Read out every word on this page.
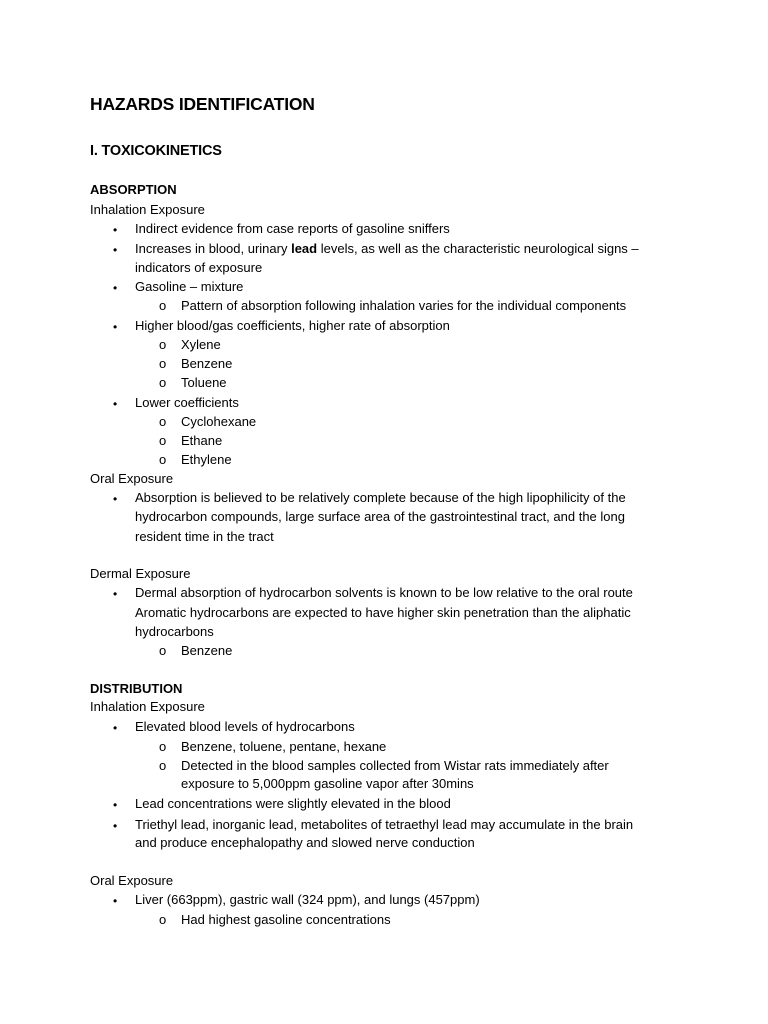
HAZARDS IDENTIFICATION
I. TOXICOKINETICS
ABSORPTION
Inhalation Exposure
• Indirect evidence from case reports of gasoline sniffers
• Increases in blood, urinary lead levels, as well as the characteristic neurological signs –
indicators of exposure
• Gasoline – mixture
o Pattern of absorption following inhalation varies for the individual components
• Higher blood/gas coefficients, higher rate of absorption
o Xylene
o Benzene
o Toluene
• Lower coefficients
o Cyclohexane
o Ethane
o Ethylene
Oral Exposure
• Absorption is believed to be relatively complete because of the high lipophilicity of the
hydrocarbon compounds, large surface area of the gastrointestinal tract, and the long
resident time in the tract
Dermal Exposure
• Dermal absorption of hydrocarbon solvents is known to be low relative to the oral route
Aromatic hydrocarbons are expected to have higher skin penetration than the aliphatic
hydrocarbons
o Benzene
DISTRIBUTION
Inhalation Exposure
• Elevated blood levels of hydrocarbons
o Benzene, toluene, pentane, hexane
o Detected in the blood samples collected from Wistar rats immediately after
exposure to 5,000ppm gasoline vapor after 30mins
• Lead concentrations were slightly elevated in the blood
• Triethyl lead, inorganic lead, metabolites of tetraethyl lead may accumulate in the brain
and produce encephalopathy and slowed nerve conduction
Oral Exposure
• Liver (663ppm), gastric wall (324 ppm), and lungs (457ppm)
o Had highest gasoline concentrations
